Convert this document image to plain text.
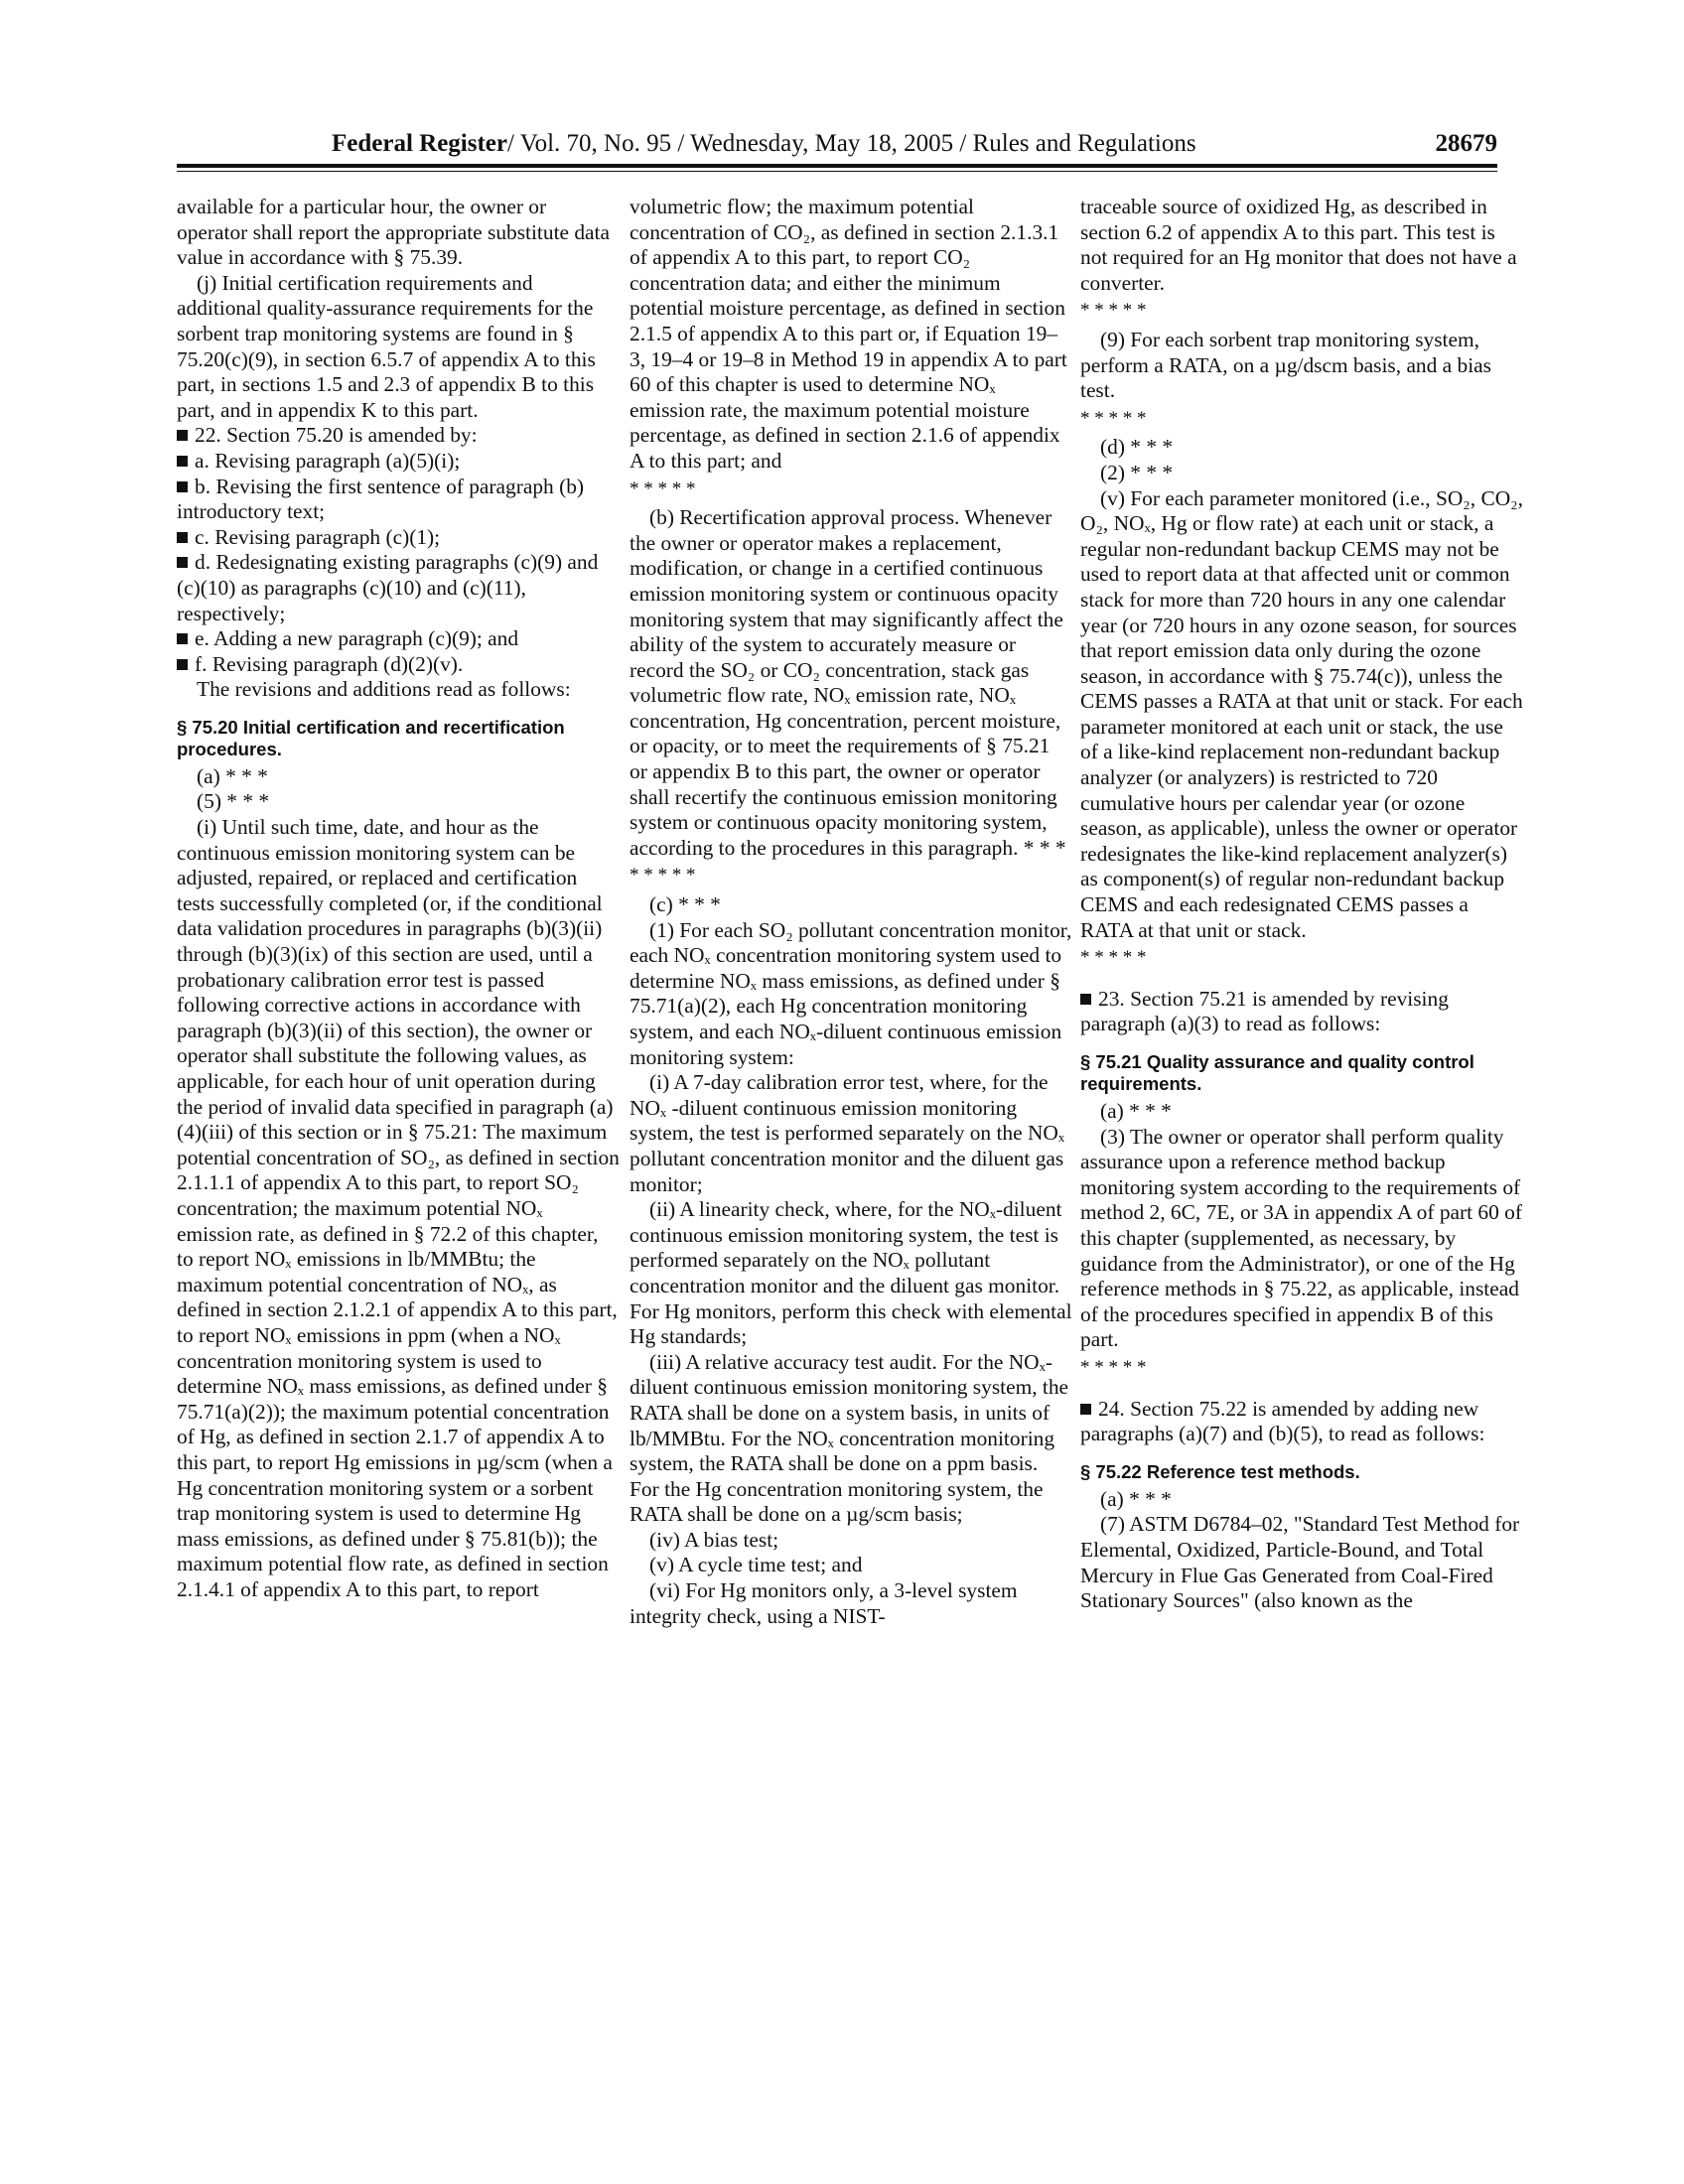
Federal Register/ Vol. 70, No. 95 / Wednesday, May 18, 2005 / Rules and Regulations	28679

available for a particular hour, the owner or operator shall report the appropriate substitute data value in accordance with § 75.39.

(j) Initial certification requirements and additional quality-assurance requirements for the sorbent trap monitoring systems are found in § 75.20(c)(9), in section 6.5.7 of appendix A to this part, in sections 1.5 and 2.3 of appendix B to this part, and in appendix K to this part.

22. Section 75.20 is amended by:

a. Revising paragraph (a)(5)(i);

b. Revising the first sentence of paragraph (b) introductory text;

c. Revising paragraph (c)(1);

d. Redesignating existing paragraphs (c)(9) and (c)(10) as paragraphs (c)(10) and (c)(11), respectively;

e. Adding a new paragraph (c)(9); and

f. Revising paragraph (d)(2)(v).

The revisions and additions read as follows:

§ 75.20 Initial certification and recertification procedures.

(a) * * *

(5) * * *

(i) Until such time, date, and hour as the continuous emission monitoring system can be adjusted, repaired, or replaced and certification tests successfully completed (or, if the conditional data validation procedures in paragraphs (b)(3)(ii) through (b)(3)(ix) of this section are used, until a probationary calibration error test is passed following corrective actions in accordance with paragraph (b)(3)(ii) of this section), the owner or operator shall substitute the following values, as applicable, for each hour of unit operation during the period of invalid data specified in paragraph (a)(4)(iii) of this section or in § 75.21: The maximum potential concentration of SO₂, as defined in section 2.1.1.1 of appendix A to this part, to report SO₂ concentration; the maximum potential NOₓ emission rate, as defined in § 72.2 of this chapter, to report NOₓ emissions in lb/MMBtu; the maximum potential concentration of NOₓ, as defined in section 2.1.2.1 of appendix A to this part, to report NOₓ emissions in ppm (when a NOₓ concentration monitoring system is used to determine NOₓ mass emissions, as defined under § 75.71(a)(2)); the maximum potential concentration of Hg, as defined in section 2.1.7 of appendix A to this part, to report Hg emissions in µg/scm (when a Hg concentration monitoring system or a sorbent trap monitoring system is used to determine Hg mass emissions, as defined under § 75.81(b)); the maximum potential flow rate, as defined in section 2.1.4.1 of appendix A to this part, to report

volumetric flow; the maximum potential concentration of CO₂, as defined in section 2.1.3.1 of appendix A to this part, to report CO₂ concentration data; and either the minimum potential moisture percentage, as defined in section 2.1.5 of appendix A to this part or, if Equation 19–3, 19–4 or 19–8 in Method 19 in appendix A to part 60 of this chapter is used to determine NOₓ emission rate, the maximum potential moisture percentage, as defined in section 2.1.6 of appendix A to this part; and

* * * * *

(b) Recertification approval process. Whenever the owner or operator makes a replacement, modification, or change in a certified continuous emission monitoring system or continuous opacity monitoring system that may significantly affect the ability of the system to accurately measure or record the SO₂ or CO₂ concentration, stack gas volumetric flow rate, NOₓ emission rate, NOₓ concentration, Hg concentration, percent moisture, or opacity, or to meet the requirements of § 75.21 or appendix B to this part, the owner or operator shall recertify the continuous emission monitoring system or continuous opacity monitoring system, according to the procedures in this paragraph. * * *

* * * * *

(c) * * *

(1) For each SO₂ pollutant concentration monitor, each NOₓ concentration monitoring system used to determine NOₓ mass emissions, as defined under § 75.71(a)(2), each Hg concentration monitoring system, and each NOₓ-diluent continuous emission monitoring system:

(i) A 7-day calibration error test, where, for the NOₓ -diluent continuous emission monitoring system, the test is performed separately on the NOₓ pollutant concentration monitor and the diluent gas monitor;

(ii) A linearity check, where, for the NOₓ-diluent continuous emission monitoring system, the test is performed separately on the NOₓ pollutant concentration monitor and the diluent gas monitor. For Hg monitors, perform this check with elemental Hg standards;

(iii) A relative accuracy test audit. For the NOₓ-diluent continuous emission monitoring system, the RATA shall be done on a system basis, in units of lb/MMBtu. For the NOₓ concentration monitoring system, the RATA shall be done on a ppm basis. For the Hg concentration monitoring system, the RATA shall be done on a µg/scm basis;

(iv) A bias test;

(v) A cycle time test; and

(vi) For Hg monitors only, a 3-level system integrity check, using a NIST-

traceable source of oxidized Hg, as described in section 6.2 of appendix A to this part. This test is not required for an Hg monitor that does not have a converter.

* * * * *

(9) For each sorbent trap monitoring system, perform a RATA, on a µg/dscm basis, and a bias test.

* * * * *

(d) * * *

(2) * * *

(v) For each parameter monitored (i.e., SO₂, CO₂, O₂, NOₓ, Hg or flow rate) at each unit or stack, a regular non-redundant backup CEMS may not be used to report data at that affected unit or common stack for more than 720 hours in any one calendar year (or 720 hours in any ozone season, for sources that report emission data only during the ozone season, in accordance with § 75.74(c)), unless the CEMS passes a RATA at that unit or stack. For each parameter monitored at each unit or stack, the use of a like-kind replacement non-redundant backup analyzer (or analyzers) is restricted to 720 cumulative hours per calendar year (or ozone season, as applicable), unless the owner or operator redesignates the like-kind replacement analyzer(s) as component(s) of regular non-redundant backup CEMS and each redesignated CEMS passes a RATA at that unit or stack.

* * * * *

23. Section 75.21 is amended by revising paragraph (a)(3) to read as follows:

§ 75.21 Quality assurance and quality control requirements.

(a) * * *

(3) The owner or operator shall perform quality assurance upon a reference method backup monitoring system according to the requirements of method 2, 6C, 7E, or 3A in appendix A of part 60 of this chapter (supplemented, as necessary, by guidance from the Administrator), or one of the Hg reference methods in § 75.22, as applicable, instead of the procedures specified in appendix B of this part.

* * * * *

24. Section 75.22 is amended by adding new paragraphs (a)(7) and (b)(5), to read as follows:

§ 75.22 Reference test methods.

(a) * * *

(7) ASTM D6784–02, "Standard Test Method for Elemental, Oxidized, Particle-Bound, and Total Mercury in Flue Gas Generated from Coal-Fired Stationary Sources" (also known as the
